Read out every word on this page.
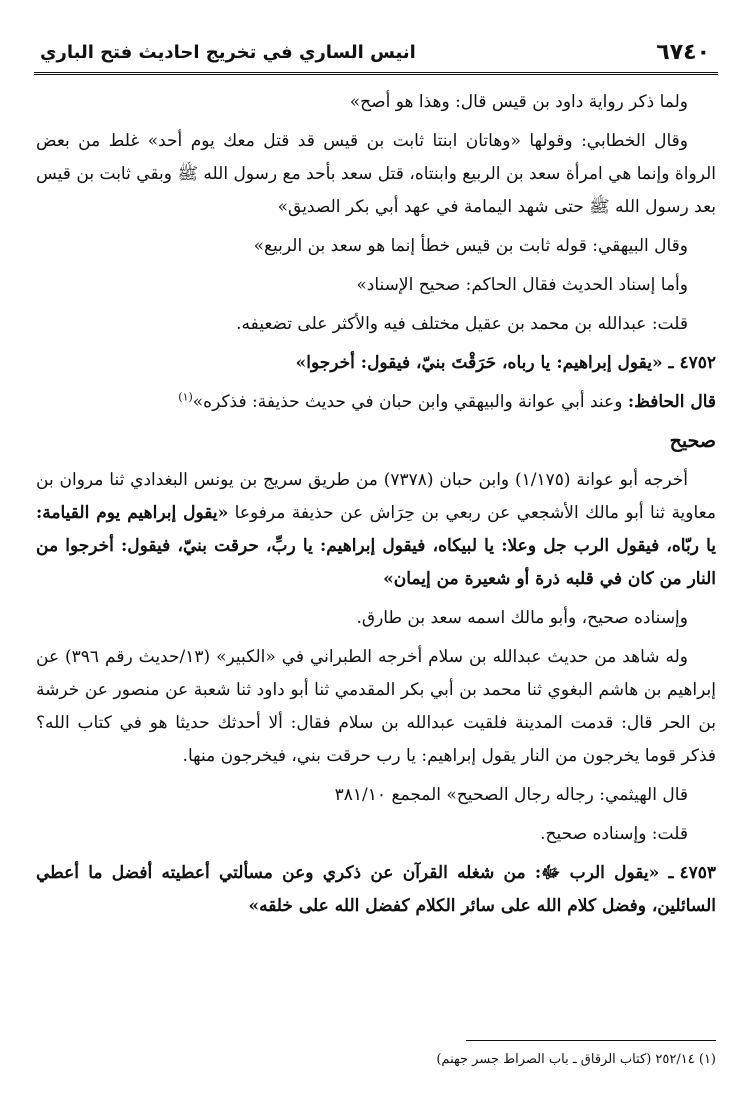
٦٧٤٠
انيس الساري في تخريج احاديث فتح الباري

ولما ذكر رواية داود بن قيس قال: وهذا هو أصح»

وقال الخطابي: وقولها «وهاتان ابنتا ثابت بن قيس قد قتل معك يوم أحد» غلط من بعض الرواة وإنما هي امرأة سعد بن الربيع وابنتاه، قتل سعد بأحد مع رسول الله ﷺ وبقي ثابت بن قيس بعد رسول الله ﷺ حتى شهد اليمامة في عهد أبي بكر الصديق»

وقال البيهقي: قوله ثابت بن قيس خطأ إنما هو سعد بن الربيع»

وأما إسناد الحديث فقال الحاكم: صحيح الإسناد»

قلت: عبدالله بن محمد بن عقيل مختلف فيه والأكثر على تضعيفه.

٤٧٥٢ـ «يقول إبراهيم: يا رباه، حَرَقْتَ بنيّ، فيقول: أخرجوا»

قال الحافظ: وعند أبي عوانة والبيهقي وابن حبان في حديث حذيفة: فذكره»$^{(١)}$

صحيح

أخرجه أبو عوانة (١/١٧٥) وابن حبان (٧٣٧٨) من طريق سريج بن يونس البغدادي ثنا مروان بن معاوية ثنا أبو مالك الأشجعي عن ربعي بن حِرَاش عن حذيفة مرفوعا «يقول إبراهيم يوم القيامة: يا ربّاه، فيقول الرب جل وعلا: يا لبيكاه، فيقول إبراهيم: يا ربِّ، حرقت بنيّ، فيقول: أخرجوا من النار من كان في قلبه ذرة أو شعيرة من إيمان»

وإسناده صحيح، وأبو مالك اسمه سعد بن طارق.

وله شاهد من حديث عبدالله بن سلام أخرجه الطبراني في «الكبير» (١٣/حديث رقم ٣٩٦) عن إبراهيم بن هاشم البغوي ثنا محمد بن أبي بكر المقدمي ثنا أبو داود ثنا شعبة عن منصور عن خرشة بن الحر قال: قدمت المدينة فلقيت عبدالله بن سلام فقال: ألا أحدثك حديثا هو في كتاب الله؟ فذكر قوما يخرجون من النار يقول إبراهيم: يا رب حرقت بني، فيخرجون منها.

قال الهيثمي: رجاله رجال الصحيح» المجمع ٣٨١/١٠

قلت: وإسناده صحيح.

٤٧٥٣ـ «يقول الرب ﷻ: من شغله القرآن عن ذكري وعن مسألتي أعطيته أفضل ما أعطي السائلين، وفضل كلام الله على سائر الكلام كفضل الله على خلقه»

(١) ٢٥٢/١٤ (كتاب الرقاق ـ باب الصراط جسر جهنم)
